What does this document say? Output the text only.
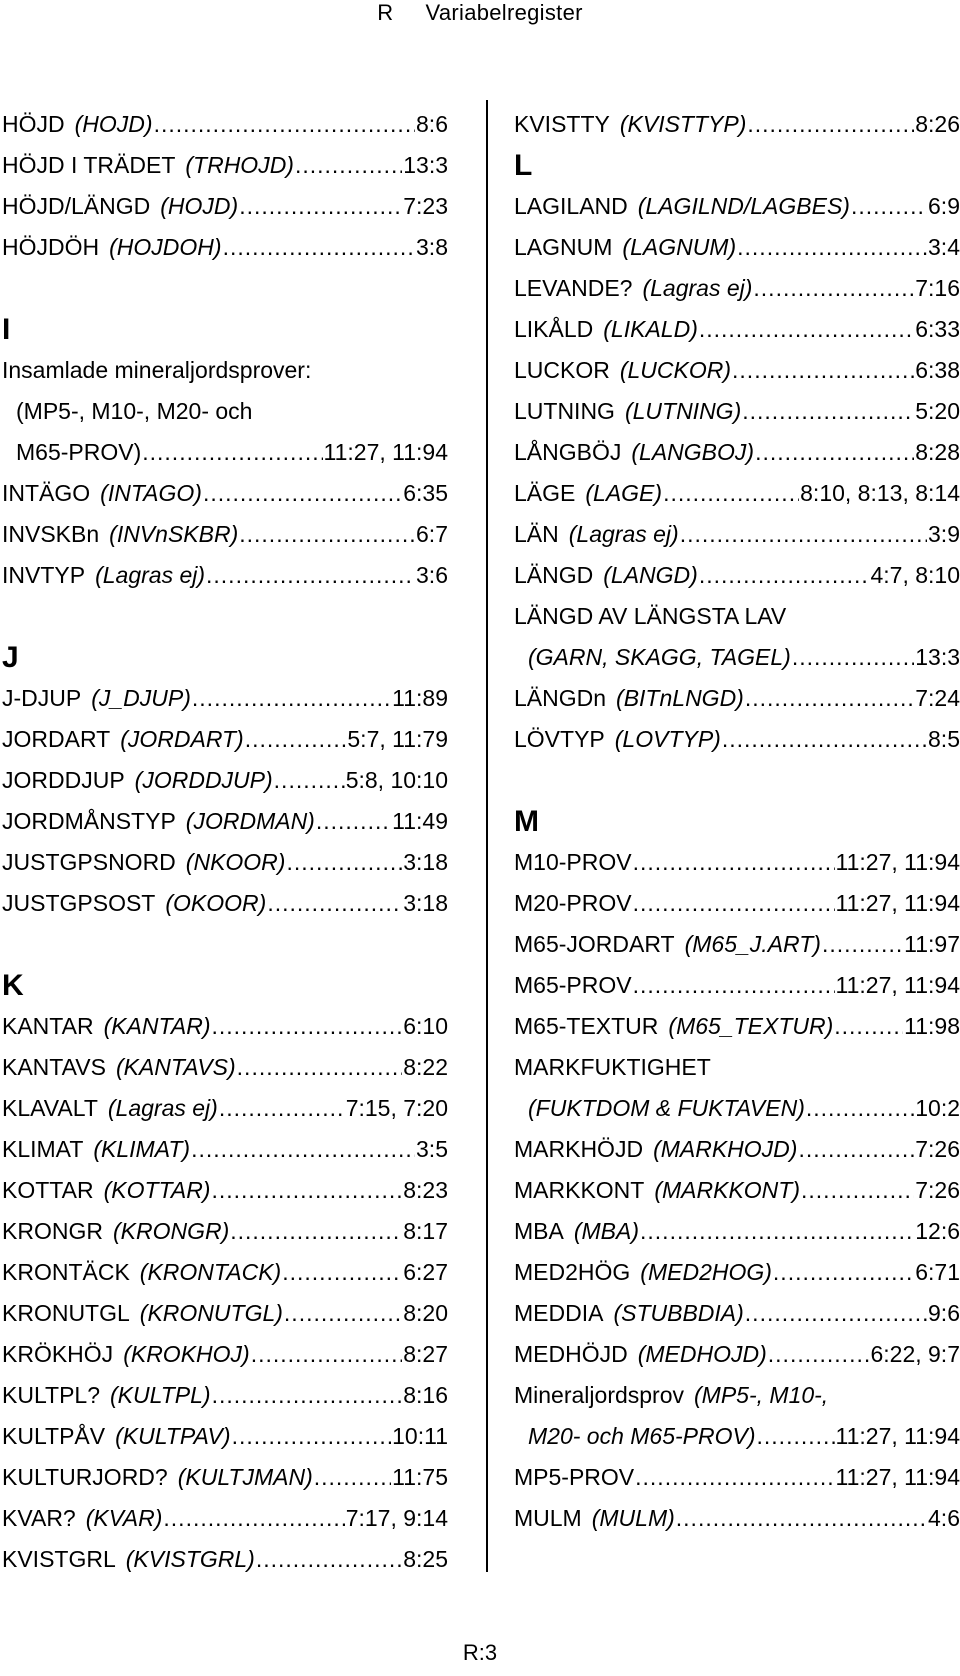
R Variabelregister
HÖJD (HOJD) .....	8:6
HÖJD I TRÄDET (TRHOJD) .....	13:3
HÖJD/LÄNGD (HOJD) .....	7:23
HÖJDÖH (HOJDOH) .....	3:8
I
Insamlade mineraljordsprover:
(MP5-, M10-, M20- och
M65-PROV) .....	11:27, 11:94
INTÄGO (INTAGO) .....	6:35
INVSKBn (INVnSKBR) .....	6:7
INVTYP (Lagras ej) .....	3:6
J
J-DJUP (J_DJUP) .....	11:89
JORDART (JORDART) .....	5:7, 11:79
JORDDJUP (JORDDJUP) .....	5:8, 10:10
JORDMÅNSTYP (JORDMAN) .....	11:49
JUSTGPSNORD (NKOOR) .....	3:18
JUSTGPSOST (OKOOR) .....	3:18
K
KANTAR (KANTAR) .....	6:10
KANTAVS (KANTAVS) .....	8:22
KLAVALT (Lagras ej) .....	7:15, 7:20
KLIMAT (KLIMAT) .....	3:5
KOTTAR (KOTTAR) .....	8:23
KRONGR (KRONGR) .....	8:17
KRONTÄCK (KRONTACK) .....	6:27
KRONUTGL (KRONUTGL) .....	8:20
KRÖKHÖJ (KROKHOJ) .....	8:27
KULTPL? (KULTPL) .....	8:16
KULTPÅV (KULTPAV) .....	10:11
KULTURJORD? (KULTJMAN) .....	11:75
KVAR? (KVAR) .....	7:17, 9:14
KVISTGRL (KVISTGRL) .....	8:25
KVISTTY (KVISTTYP) .....	8:26
L
LAGILAND (LAGILND/LAGBES) .....	6:9
LAGNUM (LAGNUM) .....	3:4
LEVANDE? (Lagras ej) .....	7:16
LIKÅLD (LIKALD) .....	6:33
LUCKOR (LUCKOR) .....	6:38
LUTNING (LUTNING) .....	5:20
LÅNGBÖJ (LANGBOJ) .....	8:28
LÄGE (LAGE) .....	8:10, 8:13, 8:14
LÄN (Lagras ej) .....	3:9
LÄNGD (LANGD) .....	4:7, 8:10
LÄNGD AV LÄNGSTA LAV
(GARN, SKAGG, TAGEL) .....	13:3
LÄNGDn (BITnLNGD) .....	7:24
LÖVTYP (LOVTYP) .....	8:5
M
M10-PROV .....	11:27, 11:94
M20-PROV .....	11:27, 11:94
M65-JORDART (M65_J.ART) .....	11:97
M65-PROV .....	11:27, 11:94
M65-TEXTUR (M65_TEXTUR) .....	11:98
MARKFUKTIGHET
(FUKTDOM & FUKTAVEN) .....	10:2
MARKHÖJD (MARKHOJD) .....	7:26
MARKKONT (MARKKONT) .....	7:26
MBA (MBA) .....	12:6
MED2HÖG (MED2HOG) .....	6:71
MEDDIA (STUBBDIA) .....	9:6
MEDHÖJD (MEDHOJD) .....	6:22, 9:7
Mineraljordsprov (MP5-, M10-,
M20- och M65-PROV) .....	11:27, 11:94
MP5-PROV .....	11:27, 11:94
MULM (MULM) .....	4:6
R:3
